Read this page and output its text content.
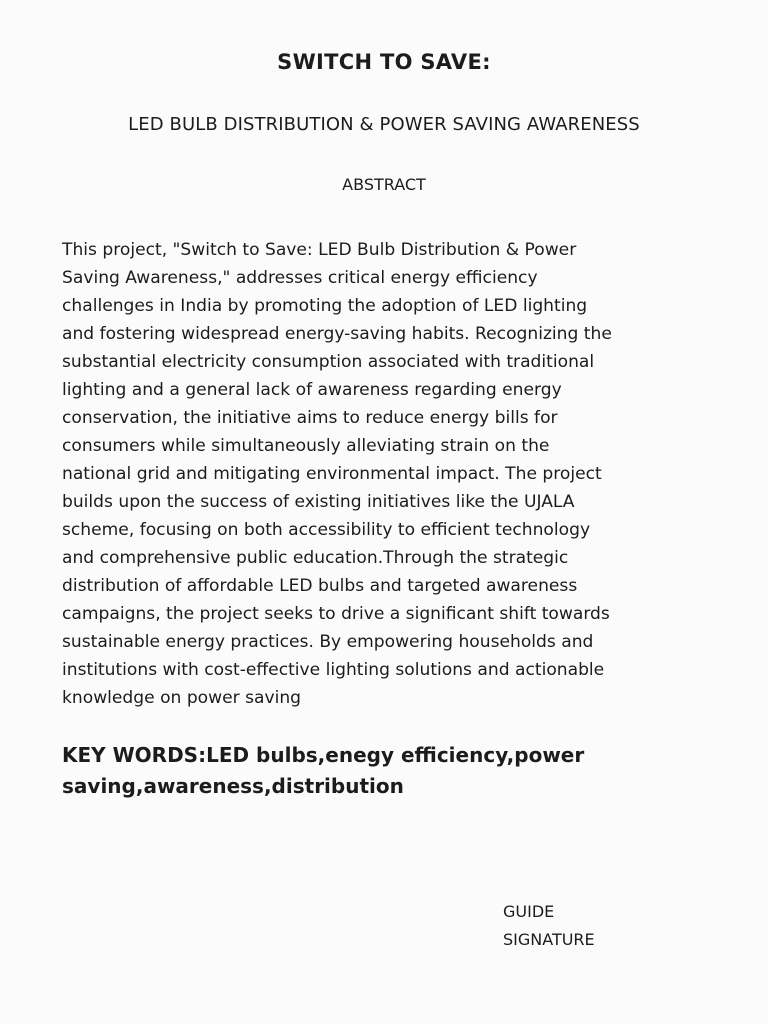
SWITCH TO SAVE:
LED BULB DISTRIBUTION & POWER SAVING AWARENESS
ABSTRACT
This project, "Switch to Save: LED Bulb Distribution & Power
Saving Awareness," addresses critical energy efficiency
challenges in India by promoting the adoption of LED lighting
and fostering widespread energy-saving habits. Recognizing the
substantial electricity consumption associated with traditional
lighting and a general lack of awareness regarding energy
conservation, the initiative aims to reduce energy bills for
consumers while simultaneously alleviating strain on the
national grid and mitigating environmental impact. The project
builds upon the success of existing initiatives like the UJALA
scheme, focusing on both accessibility to efficient technology
and comprehensive public education.Through the strategic
distribution of affordable LED bulbs and targeted awareness
campaigns, the project seeks to drive a significant shift towards
sustainable energy practices. By empowering households and
institutions with cost-effective lighting solutions and actionable
knowledge on power saving
KEY WORDS:LED bulbs,enegy efficiency,power
saving,awareness,distribution
GUIDE
SIGNATURE
